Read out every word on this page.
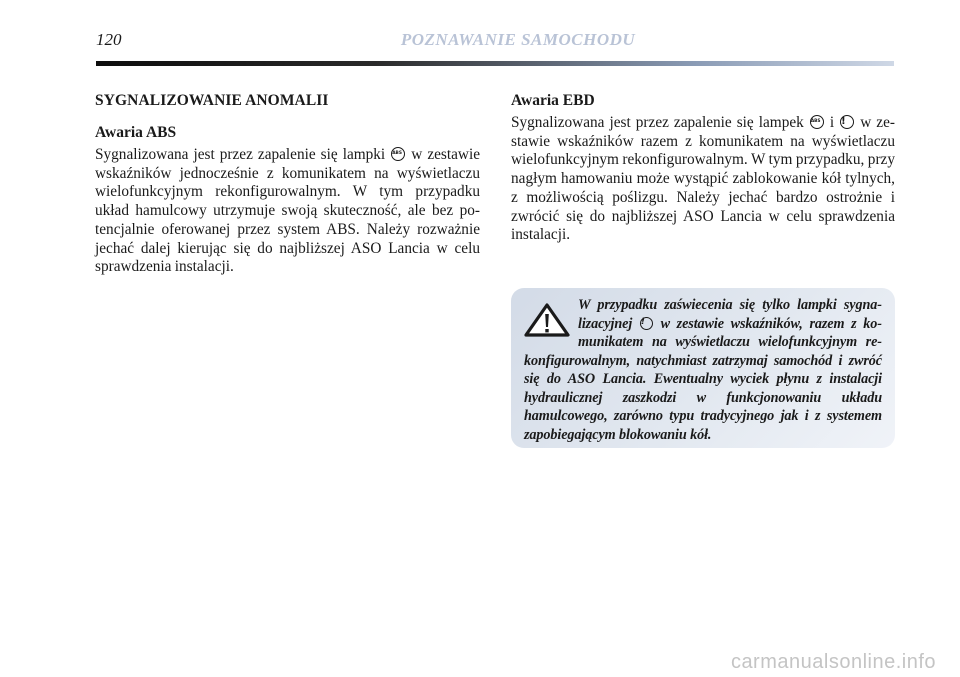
120	POZNAWANIE SAMOCHODU
SYGNALIZOWANIE ANOMALII
Awaria ABS

Sygnalizowana jest przez zapalenie się lampki ABS w zestawie wskaźników jednocześnie z komunikatem na wyświetlaczu wielofunkcyjnym rekonfigurowalnym. W tym przypadku układ hamulcowy utrzymuje swoją skuteczność, ale bez potencjalnie oferowanej przez system ABS. Należy rozważnie jechać dalej kierując się do najbliższej ASO Lancia w celu sprawdzenia instalacji.

Awaria EBD

Sygnalizowana jest przez zapalenie się lampek ABS i ! w zestawie wskaźników razem z komunikatem na wyświetlaczu wielofunkcyjnym rekonfigurowalnym. W tym przypadku, przy nagłym hamowaniu może wystąpić zablokowanie kół tylnych, z możliwością poślizgu. Należy jechać bardzo ostrożnie i zwrócić się do najbliższej ASO Lancia w celu sprawdzenia instalacji.

W przypadku zaświecenia się tylko lampki sygnalizacyjnej ! w zestawie wskaźników, razem z komunikatem na wyświetlaczu wielofunkcyjnym rekonfigurowalnym, natychmiast zatrzymaj samochód i zwróć się do ASO Lancia. Ewentualny wyciek płynu z instalacji hydraulicznej zaszkodzi w funkcjonowaniu układu hamulcowego, zarówno typu tradycyjnego jak i z systemem zapobiegającym blokowaniu kół.

carmanualsonline.info
